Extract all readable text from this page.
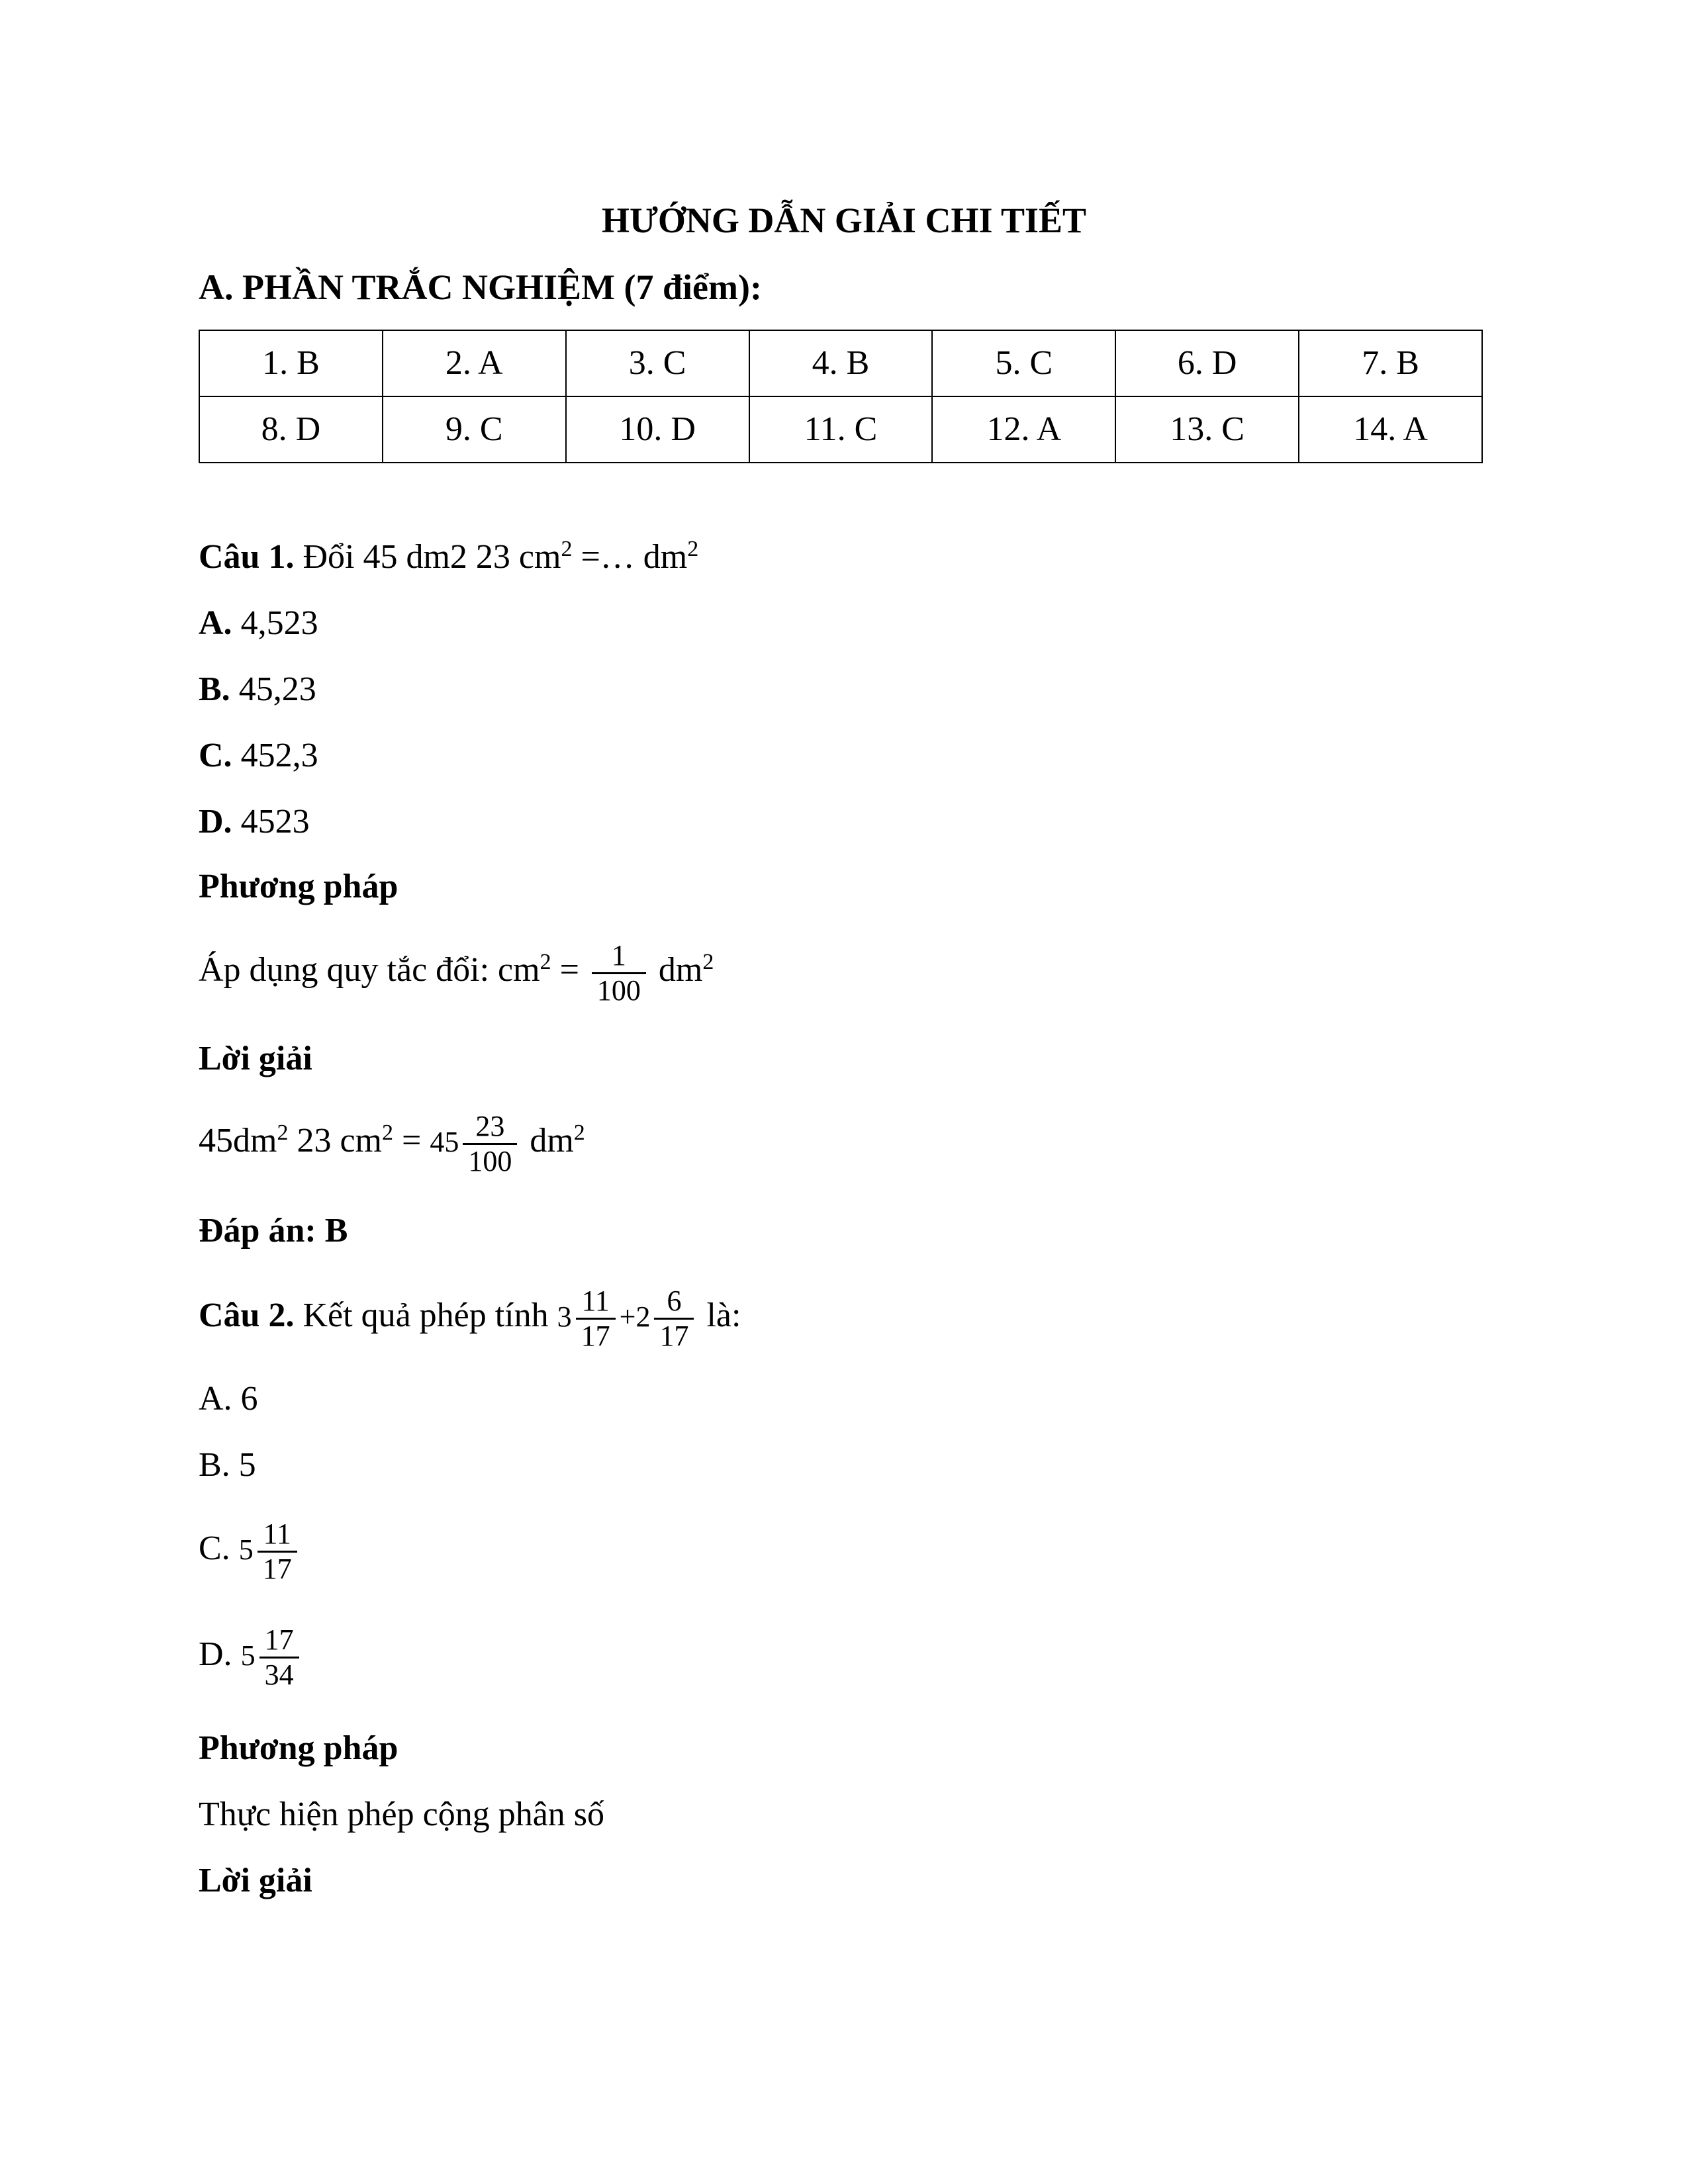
HƯỚNG DẪN GIẢI CHI TIẾT
A. PHẦN TRẮC NGHIỆM (7 điểm):
1. B	2. A	3. C	4. B	5. C	6. D	7. B
8. D	9. C	10. D	11. C	12. A	13. C	14. A
Câu 1. Đổi 45 dm2 23 $cm^2$ =… $dm^2$
A. 4,523
B. 45,23
C. 452,3
D. 4523
Phương pháp
Áp dụng quy tắc đổi: $cm^2 = \frac{1}{100} dm^2$
Lời giải
$45dm^2$ 23 $cm^2 = 45 \frac{23}{100} dm^2$
Đáp án: B
Câu 2. Kết quả phép tính $3 \frac{11}{17} +2 \frac{6}{17}$ là:
A. 6
B. 5
C. $5 \frac{11}{17}$
D. $5 \frac{17}{34}$
Phương pháp
Thực hiện phép cộng phân số
Lời giải
